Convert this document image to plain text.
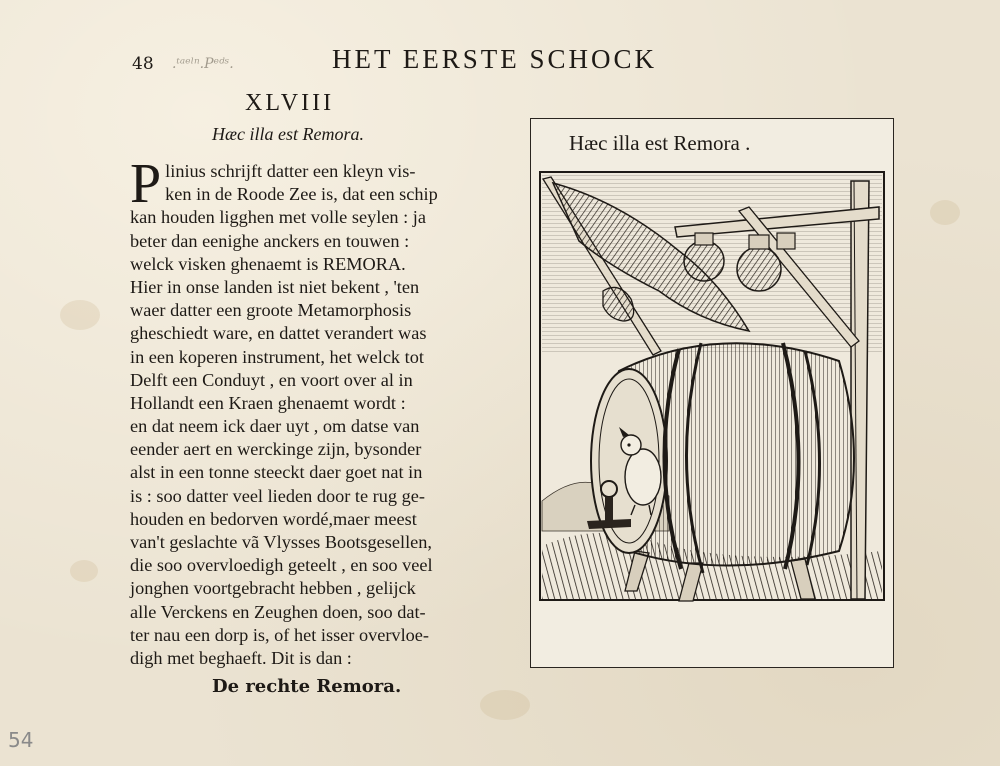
48 .ᵗᵃᵉˡⁿ.Pᵉᵈˢ.	HET EERSTE SCHOCK
XLVIII
Hæc illa est Remora.
P linius schrijft datter een kleyn vis-
ken in de Roode Zee is, dat een schip
kan houden ligghen met volle seylen : ja
beter dan eenighe anckers en touwen :
welck visken ghenaemt is REMORA.
Hier in onse landen ist niet bekent , 'ten
waer datter een groote Metamorphosis
gheschiedt ware, en dattet verandert was
in een koperen instrument, het welck tot
Delft een Conduyt , en voort over al in
Hollandt een Kraen ghenaemt wordt :
en dat neem ick daer uyt , om datse van
eender aert en werckinge zijn, bysonder
alst in een tonne steeckt daer goet nat in
is : soo datter veel lieden door te rug ge-
houden en bedorven wordé,maer meest
van't geslachte vã Vlysses Bootsgesellen,
die soo overvloedigh geteelt , en soo veel
jonghen voortgebracht hebben , gelijck
alle Verckens en Zeughen doen, soo dat-
ter nau een dorp is, of het isser overvloe-
digh met beghaeft. Dit is dan :
De rechte Remora.
54
Hæc illa est Remora .
